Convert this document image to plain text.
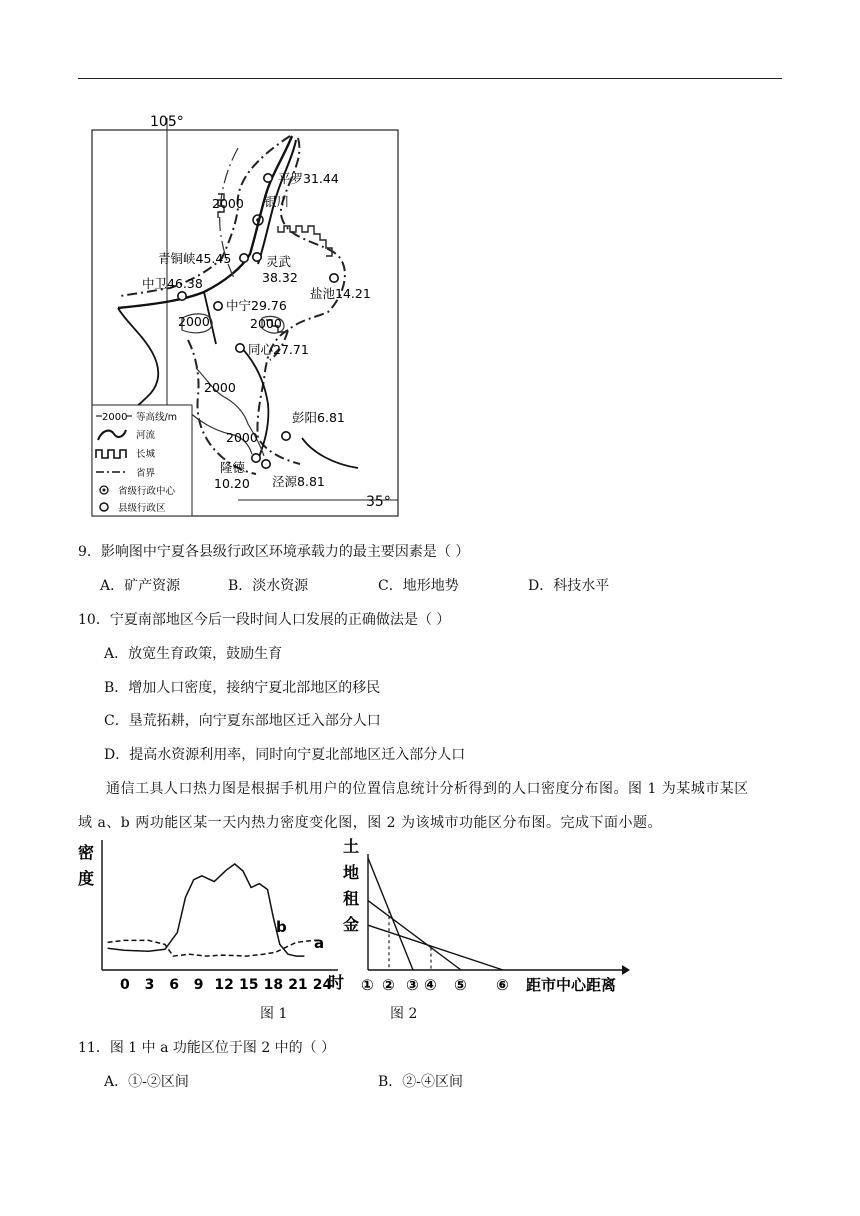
105°
35°
平罗31.44
银川
青铜峡45.45	灵武
38.32
中卫46.38
中宁29.76
盐池14.21
同心27.71
彭阳6.81
隆德
10.20 泾源8.81
2000
2000	2000
2000
2000
2000 等高线/m
河流
长城
省界
省级行政中心
县级行政区
9．影响图中宁夏各县级行政区环境承载力的最主要因素是（ ）
A．矿产资源	B．淡水资源	C．地形地势	D．科技水平
10．宁夏南部地区今后一段时间人口发展的正确做法是（ ）
A．放宽生育政策，鼓励生育
B．增加人口密度，接纳宁夏北部地区的移民
C．垦荒拓耕，向宁夏东部地区迁入部分人口
D．提高水资源利用率，同时向宁夏北部地区迁入部分人口
通信工具人口热力图是根据手机用户的位置信息统计分析得到的人口密度分布图。图 1 为某城市某区
域 a、b 两功能区某一天内热力密度变化图，图 2 为该城市功能区分布图。完成下面小题。
密
度
时
0 3 6 9 12 15 18 21 24
b
a
图 1
土
地
租
金
距市中心距离
① ② ③ ④ ⑤ ⑥
图 2
11．图 1 中 a 功能区位于图 2 中的（ ）
A．①-②区间	B．②-④区间
